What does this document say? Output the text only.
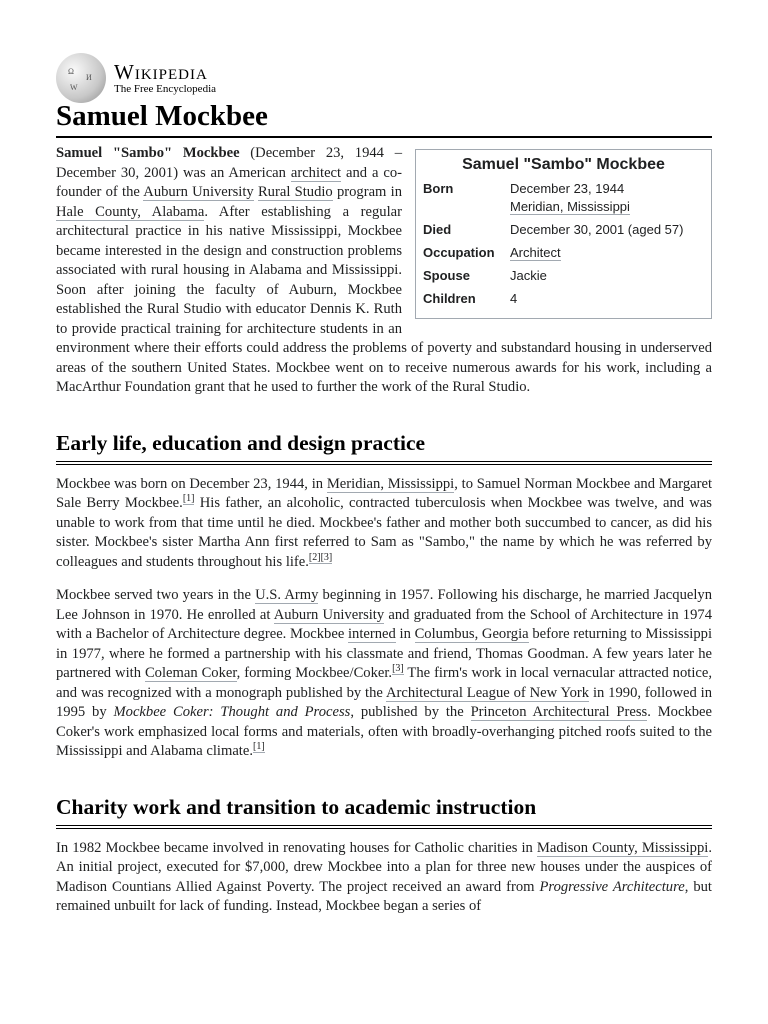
Ω
И
W
Wikipedia
The Free Encyclopedia
Samuel Mockbee
Samuel "Sambo" Mockbee
Born	December 23, 1944
Meridian, Mississippi
Died	December 30, 2001 (aged 57)
Occupation	Architect
Spouse	Jackie
Children	4

Samuel "Sambo" Mockbee (December 23, 1944 – December 30, 2001) was an American architect and a co-founder of the Auburn University Rural Studio program in Hale County, Alabama. After establishing a regular architectural practice in his native Mississippi, Mockbee became interested in the design and construction problems associated with rural housing in Alabama and Mississippi. Soon after joining the faculty of Auburn, Mockbee established the Rural Studio with educator Dennis K. Ruth to provide practical training for architecture students in an environment where their efforts could address the problems of poverty and substandard housing in underserved areas of the southern United States. Mockbee went on to receive numerous awards for his work, including a MacArthur Foundation grant that he used to further the work of the Rural Studio.

Early life, education and design practice

Mockbee was born on December 23, 1944, in Meridian, Mississippi, to Samuel Norman Mockbee and Margaret Sale Berry Mockbee.[1] His father, an alcoholic, contracted tuberculosis when Mockbee was twelve, and was unable to work from that time until he died. Mockbee's father and mother both succumbed to cancer, as did his sister. Mockbee's sister Martha Ann first referred to Sam as "Sambo," the name by which he was referred by colleagues and students throughout his life.[2][3]

Mockbee served two years in the U.S. Army beginning in 1957. Following his discharge, he married Jacquelyn Lee Johnson in 1970. He enrolled at Auburn University and graduated from the School of Architecture in 1974 with a Bachelor of Architecture degree. Mockbee interned in Columbus, Georgia before returning to Mississippi in 1977, where he formed a partnership with his classmate and friend, Thomas Goodman. A few years later he partnered with Coleman Coker, forming Mockbee/Coker.[3] The firm's work in local vernacular attracted notice, and was recognized with a monograph published by the Architectural League of New York in 1990, followed in 1995 by Mockbee Coker: Thought and Process, published by the Princeton Architectural Press. Mockbee Coker's work emphasized local forms and materials, often with broadly-overhanging pitched roofs suited to the Mississippi and Alabama climate.[1]

Charity work and transition to academic instruction

In 1982 Mockbee became involved in renovating houses for Catholic charities in Madison County, Mississippi. An initial project, executed for $7,000, drew Mockbee into a plan for three new houses under the auspices of Madison Countians Allied Against Poverty. The project received an award from Progressive Architecture, but remained unbuilt for lack of funding. Instead, Mockbee began a series of
